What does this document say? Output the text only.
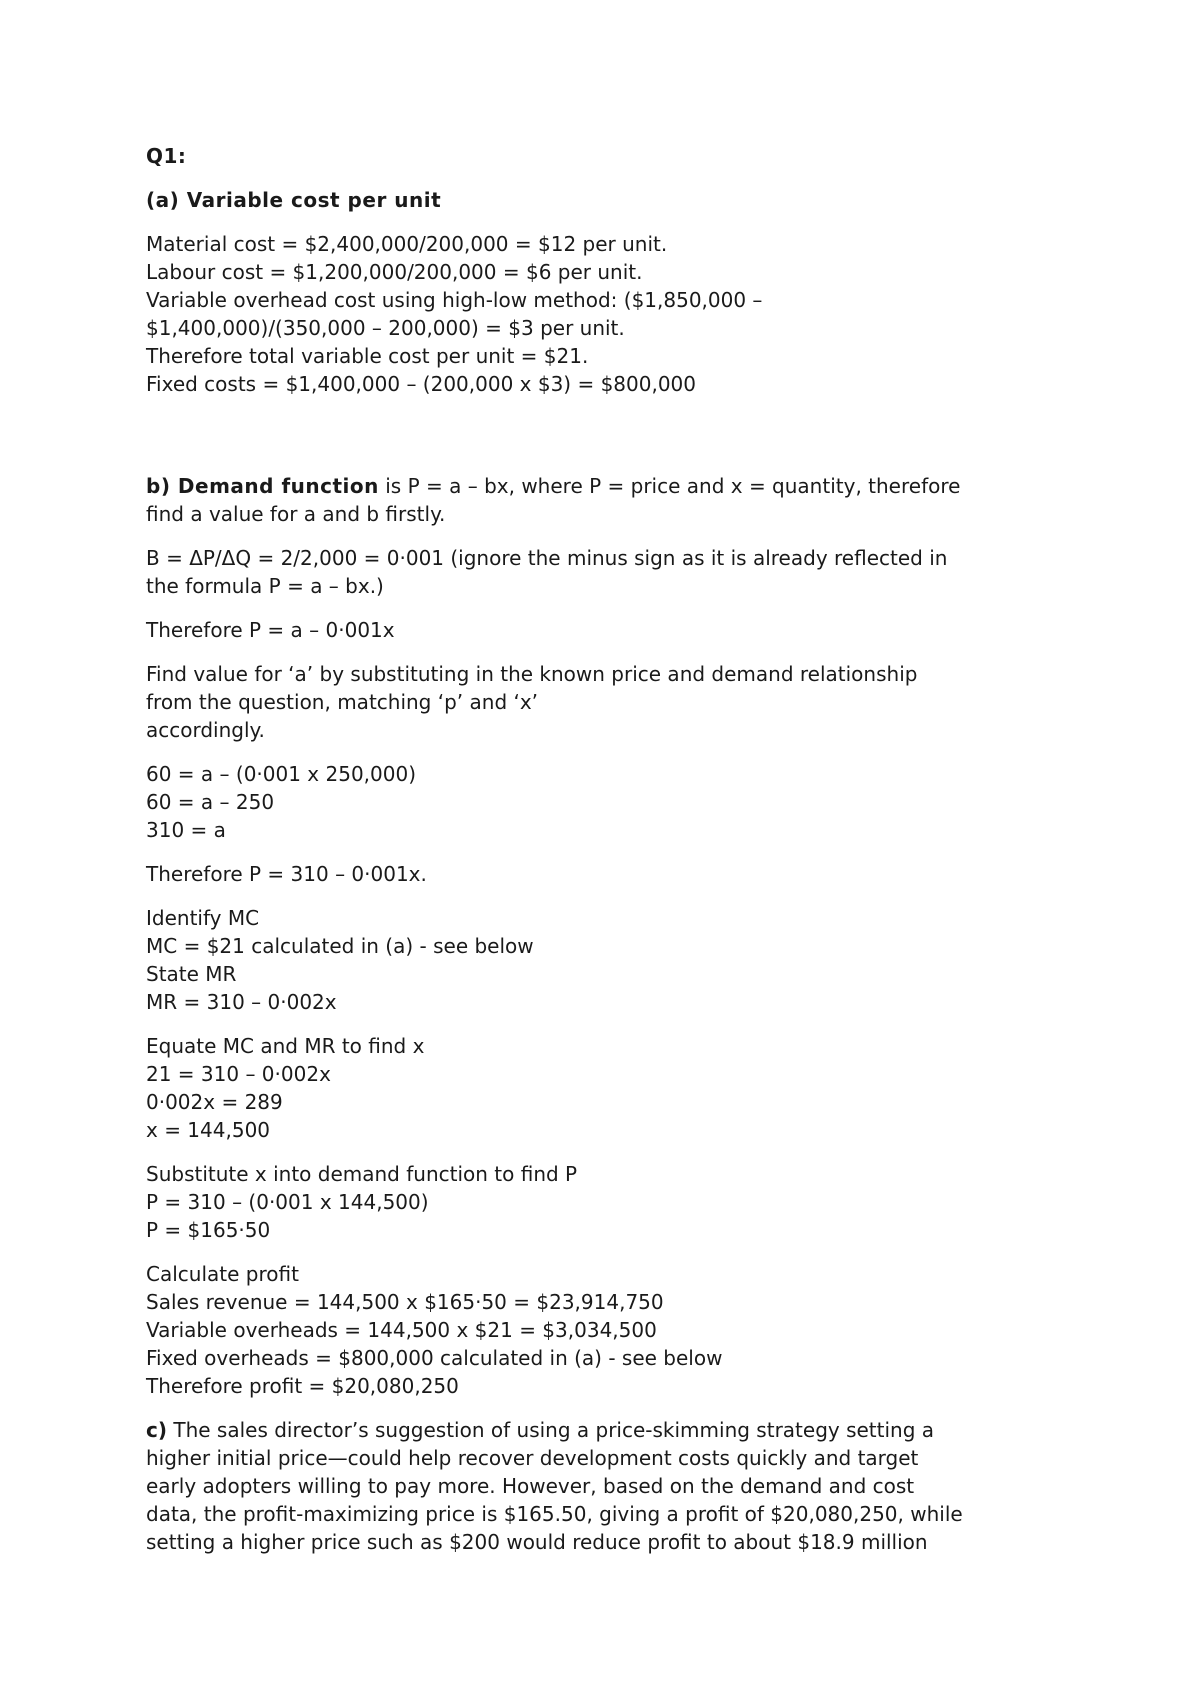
Q1:
(a) Variable cost per unit
Material cost = $2,400,000/200,000 = $12 per unit.
Labour cost = $1,200,000/200,000 = $6 per unit.
Variable overhead cost using high-low method: ($1,850,000 –
$1,400,000)/(350,000 – 200,000) = $3 per unit.
Therefore total variable cost per unit = $21.
Fixed costs = $1,400,000 – (200,000 x $3) = $800,000
b) Demand function is P = a – bx, where P = price and x = quantity, therefore
find a value for a and b firstly.
B = ΔP/ΔQ = 2/2,000 = 0·001 (ignore the minus sign as it is already reflected in
the formula P = a – bx.)
Therefore P = a – 0·001x
Find value for ‘a’ by substituting in the known price and demand relationship
from the question, matching ‘p’ and ‘x’
accordingly.
60 = a – (0·001 x 250,000)
60 = a – 250
310 = a
Therefore P = 310 – 0·001x.
Identify MC
MC = $21 calculated in (a) - see below
State MR
MR = 310 – 0·002x
Equate MC and MR to find x
21 = 310 – 0·002x
0·002x = 289
x = 144,500
Substitute x into demand function to find P
P = 310 – (0·001 x 144,500)
P = $165·50
Calculate profit
Sales revenue = 144,500 x $165·50 = $23,914,750
Variable overheads = 144,500 x $21 = $3,034,500
Fixed overheads = $800,000 calculated in (a) - see below
Therefore profit = $20,080,250
c) The sales director’s suggestion of using a price-skimming strategy setting a
higher initial price—could help recover development costs quickly and target
early adopters willing to pay more. However, based on the demand and cost
data, the profit-maximizing price is $165.50, giving a profit of $20,080,250, while
setting a higher price such as $200 would reduce profit to about $18.9 million
